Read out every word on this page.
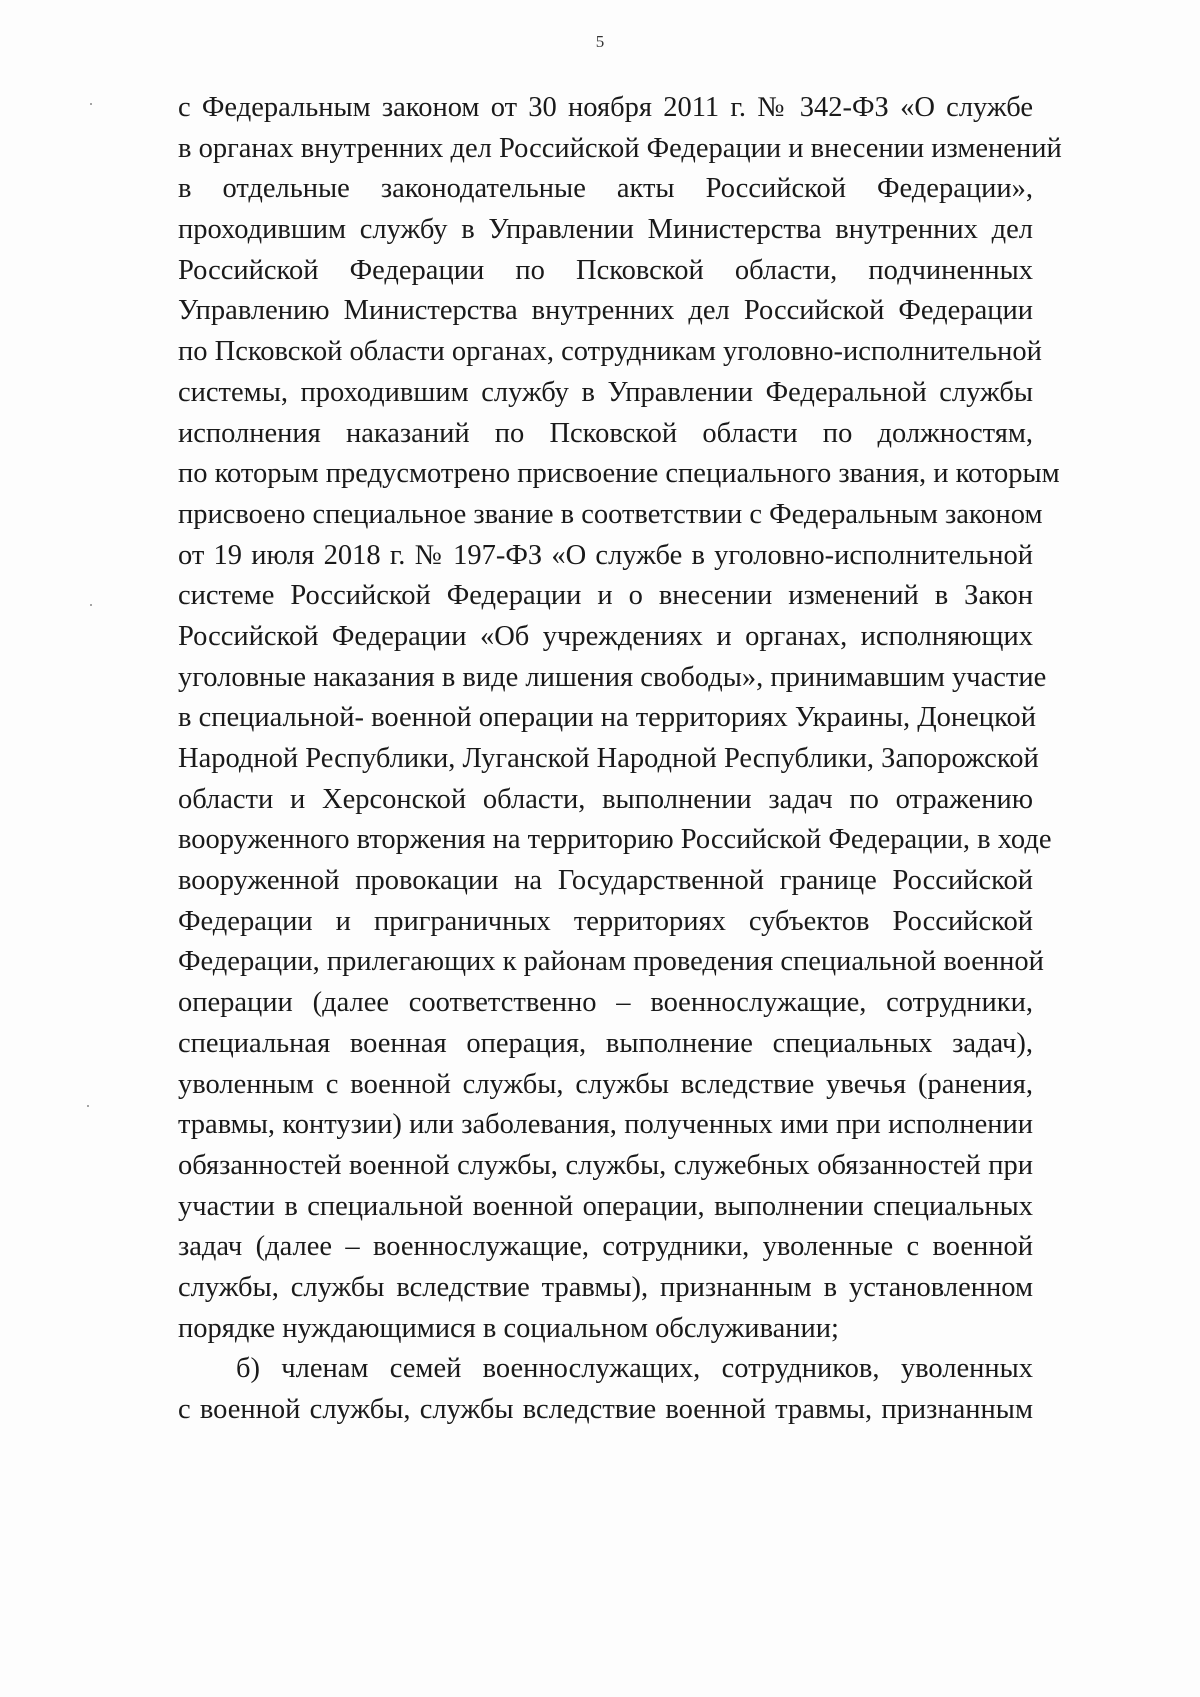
5
с Федеральным законом от 30 ноября 2011 г. № 342-ФЗ «О службе
в органах внутренних дел Российской Федерации и внесении изменений
в отдельные законодательные акты Российской Федерации»,
проходившим службу в Управлении Министерства внутренних дел
Российской Федерации по Псковской области, подчиненных
Управлению Министерства внутренних дел Российской Федерации
по Псковской области органах, сотрудникам уголовно-исполнительной
системы, проходившим службу в Управлении Федеральной службы
исполнения наказаний по Псковской области по должностям,
по которым предусмотрено присвоение специального звания, и которым
присвоено специальное звание в соответствии с Федеральным законом
от 19 июля 2018 г. № 197-ФЗ «О службе в уголовно-исполнительной
системе Российской Федерации и о внесении изменений в Закон
Российской Федерации «Об учреждениях и органах, исполняющих
уголовные наказания в виде лишения свободы», принимавшим участие
в специальной- военной операции на территориях Украины, Донецкой
Народной Республики, Луганской Народной Республики, Запорожской
области и Херсонской области, выполнении задач по отражению
вооруженного вторжения на территорию Российской Федерации, в ходе
вооруженной провокации на Государственной границе Российской
Федерации и приграничных территориях субъектов Российской
Федерации, прилегающих к районам проведения специальной военной
операции (далее соответственно – военнослужащие, сотрудники,
специальная военная операция, выполнение специальных задач),
уволенным с военной службы, службы вследствие увечья (ранения,
травмы, контузии) или заболевания, полученных ими при исполнении
обязанностей военной службы, службы, служебных обязанностей при
участии в специальной военной операции, выполнении специальных
задач (далее – военнослужащие, сотрудники, уволенные с военной
службы, службы вследствие травмы), признанным в установленном
порядке нуждающимися в социальном обслуживании;
б) членам семей военнослужащих, сотрудников, уволенных
с военной службы, службы вследствие военной травмы, признанным
